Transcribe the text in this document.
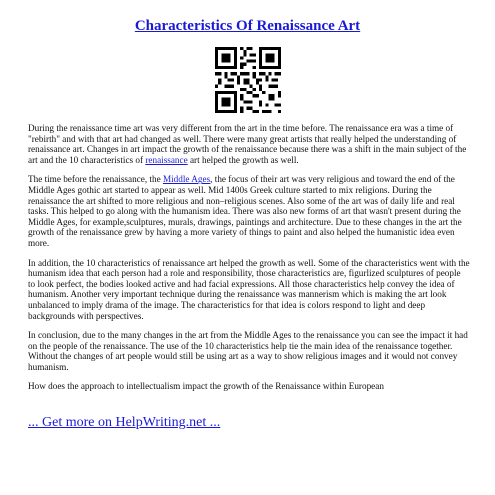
Characteristics Of Renaissance Art

During the renaissance time art was very different from the art in the time before. The renaissance era was a time of "rebirth" and with that art had changed as well. There were many great artists that really helped the understanding of renaissance art. Changes in art impact the growth of the renaissance because there was a shift in the main subject of the art and the 10 characteristics of renaissance art helped the growth as well.

The time before the renaissance, the Middle Ages, the focus of their art was very religious and toward the end of the Middle Ages gothic art started to appear as well. Mid 1400s Greek culture started to mix religions. During the renaissance the art shifted to more religious and non–religious scenes. Also some of the art was of daily life and real tasks. This helped to go along with the humanism idea. There was also new forms of art that wasn't present during the Middle Ages, for example,sculptures, murals, drawings, paintings and architecture. Due to these changes in the art the growth of the renaissance grew by having a more variety of things to paint and also helped the humanistic idea even more.

In addition, the 10 characteristics of renaissance art helped the growth as well. Some of the characteristics went with the humanism idea that each person had a role and responsibility, those characteristics are, figurlized sculptures of people to look perfect, the bodies looked active and had facial expressions. All those characteristics help convey the idea of humanism. Another very important technique during the renaissance was mannerism which is making the art look unbalanced to imply drama of the image. The characteristics for that idea is colors respond to light and deep backgrounds with perspectives.

In conclusion, due to the many changes in the art from the Middle Ages to the renaissance you can see the impact it had on the people of the renaissance. The use of the 10 characteristics help tie the main idea of the renaissance together. Without the changes of art people would still be using art as a way to show religious images and it would not convey humanism.

How does the approach to intellectualism impact the growth of the Renaissance within European

... Get more on HelpWriting.net ...
